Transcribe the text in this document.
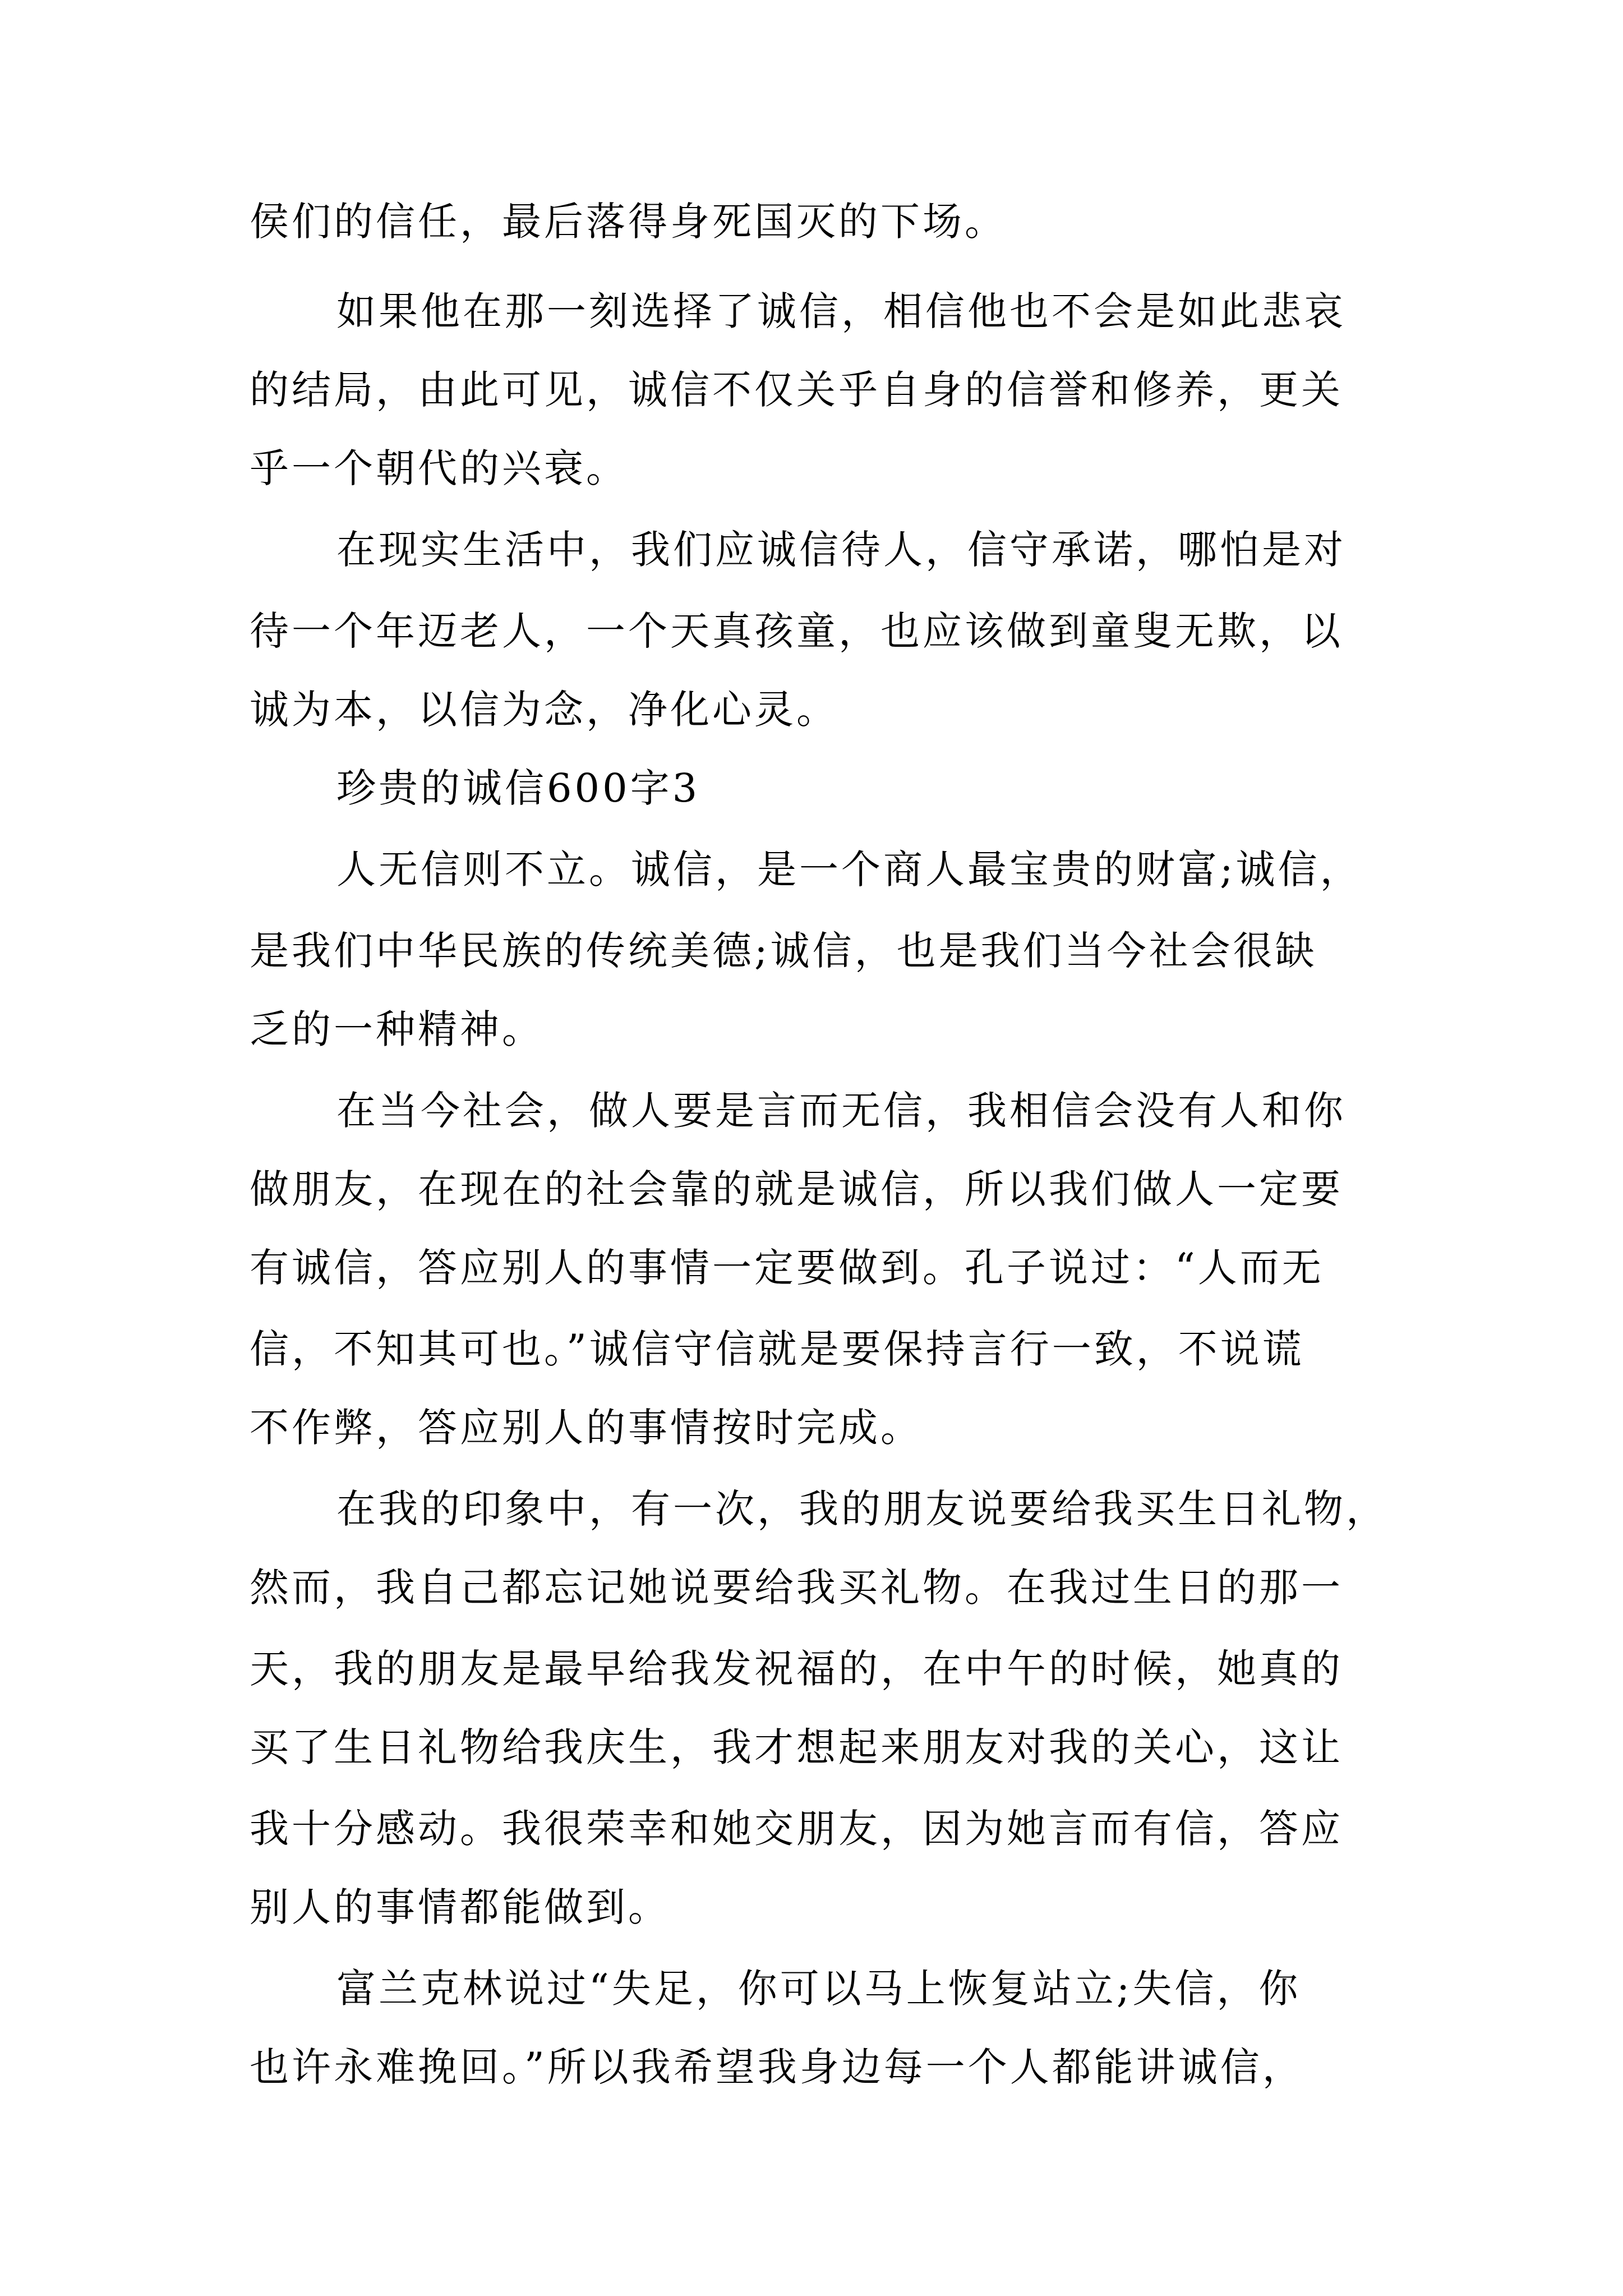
侯们的信任，最后落得身死国灭的下场。

如果他在那一刻选择了诚信，相信他也不会是如此悲哀

的结局，由此可见，诚信不仅关乎自身的信誉和修养，更关

乎一个朝代的兴衰。

在现实生活中，我们应诚信待人，信守承诺，哪怕是对

待一个年迈老人，一个天真孩童，也应该做到童叟无欺，以

诚为本，以信为念，净化心灵。

珍贵的诚信600字3

人无信则不立。诚信，是一个商人最宝贵的财富;诚信，

是我们中华民族的传统美德;诚信，也是我们当今社会很缺

乏的一种精神。

在当今社会，做人要是言而无信，我相信会没有人和你

做朋友，在现在的社会靠的就是诚信，所以我们做人一定要

有诚信，答应别人的事情一定要做到。孔子说过：“人而无

信，不知其可也。”诚信守信就是要保持言行一致，不说谎

不作弊，答应别人的事情按时完成。

在我的印象中，有一次，我的朋友说要给我买生日礼物，

然而，我自己都忘记她说要给我买礼物。在我过生日的那一

天，我的朋友是最早给我发祝福的，在中午的时候，她真的

买了生日礼物给我庆生，我才想起来朋友对我的关心，这让

我十分感动。我很荣幸和她交朋友，因为她言而有信，答应

别人的事情都能做到。

富兰克林说过“失足，你可以马上恢复站立;失信，你

也许永难挽回。”所以我希望我身边每一个人都能讲诚信，
